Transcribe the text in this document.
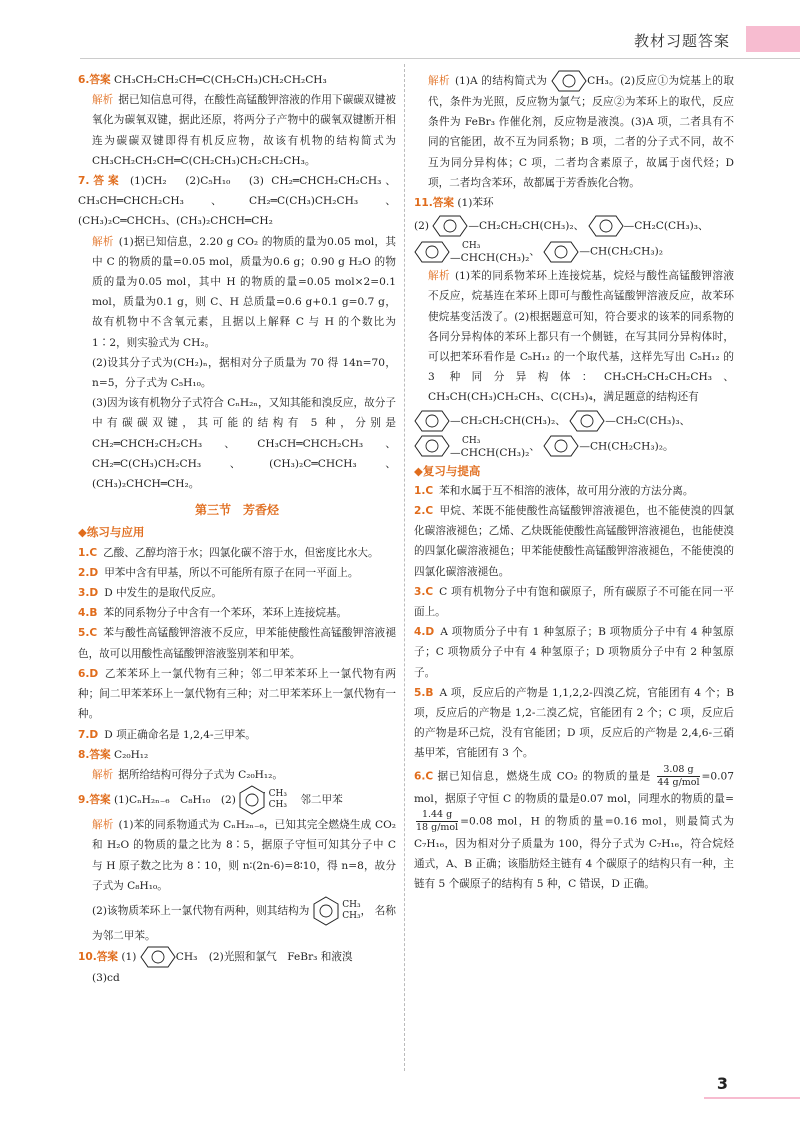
教材习题答案
6.答案 CH₃CH₂CH₂CH═C(CH₂CH₃)CH₂CH₂CH₃
解析 据已知信息可得，在酸性高锰酸钾溶液的作用下碳碳双键被氧化为碳氧双键，据此还原，将两分子产物中的碳氧双键断开相连为碳碳双键即得有机反应物，故该有机物的结构简式为 CH₃CH₂CH₂CH═C(CH₂CH₃)CH₂CH₂CH₃。
7.答案 (1)CH₂　(2)C₅H₁₀　(3) CH₂═CHCH₂CH₂CH₃、CH₃CH═CHCH₂CH₃、CH₂═C(CH₃)CH₂CH₃、(CH₃)₂C═CHCH₃、(CH₃)₂CHCH═CH₂
解析 (1)据已知信息，2.20 g CO₂ 的物质的量为0.05 mol，其中 C 的物质的量=0.05 mol，质量为0.6 g；0.90 g H₂O 的物质的量为0.05 mol，其中 H 的物质的量=0.05 mol×2=0.1 mol，质量为0.1 g，则 C、H 总质量=0.6 g+0.1 g=0.7 g，故有机物中不含氧元素，且据以上解释 C 与 H 的个数比为 1∶2，则实验式为 CH₂。
(2)设其分子式为(CH₂)ₙ，据相对分子质量为 70 得 14n=70，n=5，分子式为 C₅H₁₀。
(3)因为该有机物分子式符合 CₙH₂ₙ，又知其能和溴反应，故分子中有碳碳双键，其可能的结构有 5 种，分别是 CH₂═CHCH₂CH₂CH₃、CH₃CH═CHCH₂CH₃、CH₂═C(CH₃)CH₂CH₃、(CH₃)₂C═CHCH₃、(CH₃)₂CHCH═CH₂。
第三节　芳香烃
◆练习与应用
1.C 乙酸、乙醇均溶于水；四氯化碳不溶于水，但密度比水大。
2.D 甲苯中含有甲基，所以不可能所有原子在同一平面上。
3.D D 中发生的是取代反应。
4.B 苯的同系物分子中含有一个苯环，苯环上连接烷基。
5.C 苯与酸性高锰酸钾溶液不反应，甲苯能使酸性高锰酸钾溶液褪色，故可以用酸性高锰酸钾溶液鉴别苯和甲苯。
6.D 乙苯苯环上一氯代物有三种；邻二甲苯苯环上一氯代物有两种；间二甲苯苯环上一氯代物有三种；对二甲苯苯环上一氯代物有一种。
7.D D 项正确命名是 1,2,4-三甲苯。
8.答案 C₂₀H₁₂
解析 据所给结构可得分子式为 C₂₀H₁₂。
9.答案 (1)CₙH₂ₙ₋₆　C₈H₁₀　(2)	CH₃
CH₃ 邻二甲苯
解析 (1)苯的同系物通式为 CₙH₂ₙ₋₆，已知其完全燃烧生成 CO₂ 和 H₂O 的物质的量之比为 8∶5，据原子守恒可知其分子中 C 与 H 原子数之比为 8∶10，则 n∶(2n-6)=8∶10，得 n=8，故分子式为 C₈H₁₀。
(2)该物质苯环上一氯代物有两种，则其结构为	CH₃
CH₃， 名称为邻二甲苯。
10.答案 (1)	CH₃ (2)光照和氯气　FeBr₃ 和液溴
(3)cd
解析 (1)A 的结构简式为	CH₃。(2)反应①为烷基上的取代，条件为光照，反应物为氯气；反应②为苯环上的取代，反应条件为 FeBr₃ 作催化剂，反应物是液溴。(3)A 项，二者具有不同的官能团，故不互为同系物；B 项，二者的分子式不同，故不互为同分异构体；C 项，二者均含素原子，故属于卤代烃；D 项，二者均含苯环，故都属于芳香族化合物。
11.答案 (1)苯环
(2)	—CH₂CH₂CH(CH₃)₂、	—CH₂C(CH₃)₃、
CH₃
—CHCH(CH₃)₂、	—CH(CH₂CH₃)₂
解析 (1)苯的同系物苯环上连接烷基，烷烃与酸性高锰酸钾溶液不反应，烷基连在苯环上即可与酸性高锰酸钾溶液反应，故苯环使烷基变活泼了。(2)根据题意可知，符合要求的该苯的同系物的各同分异构体的苯环上都只有一个侧链，在写其同分异构体时，可以把苯环看作是 C₅H₁₂ 的一个取代基，这样先写出 C₅H₁₂ 的 3 种同分异构体：CH₃CH₂CH₂CH₂CH₃、CH₃CH(CH₃)CH₂CH₃、C(CH₃)₄，满足题意的结构还有
—CH₂CH₂CH(CH₃)₂、	—CH₂C(CH₃)₃、
CH₃
—CHCH(CH₃)₂、	—CH(CH₂CH₃)₂。
◆复习与提高
1.C 苯和水属于互不相溶的液体，故可用分液的方法分离。
2.C 甲烷、苯既不能使酸性高锰酸钾溶液褪色，也不能使溴的四氯化碳溶液褪色；乙烯、乙炔既能使酸性高锰酸钾溶液褪色，也能使溴的四氯化碳溶液褪色；甲苯能使酸性高锰酸钾溶液褪色，不能使溴的四氯化碳溶液褪色。
3.C C 项有机物分子中有饱和碳原子，所有碳原子不可能在同一平面上。
4.D A 项物质分子中有 1 种氢原子；B 项物质分子中有 4 种氢原子；C 项物质分子中有 4 种氢原子；D 项物质分子中有 2 种氢原子。
5.B A 项，反应后的产物是 1,1,2,2-四溴乙烷，官能团有 4 个；B 项，反应后的产物是 1,2-二溴乙烷，官能团有 2 个；C 项，反应后的产物是环己烷，没有官能团；D 项，反应后的产物是 2,4,6-三硝基甲苯，官能团有 3 个。
6.C 据已知信息，燃烧生成 CO₂ 的物质的量是 $\frac{3.08 g}{\text{44 g/mol}} =0.07$ mol，据原子守恒 C 的物质的量是0.07 mol，同理水的物质的量=
$\frac{1.44 g}{\text{18 g/mol}} =0.08$ mol，H 的物质的量=0.16 mol，则最简式为 C₇H₁₆，因为相对分子质量为 100，得分子式为 C₇H₁₆，符合烷烃通式，A、B 正确；该脂肪烃主链有 4 个碳原子的结构只有一种，主链有 5 个碳原子的结构有 5 种，C 错误，D 正确。
3
